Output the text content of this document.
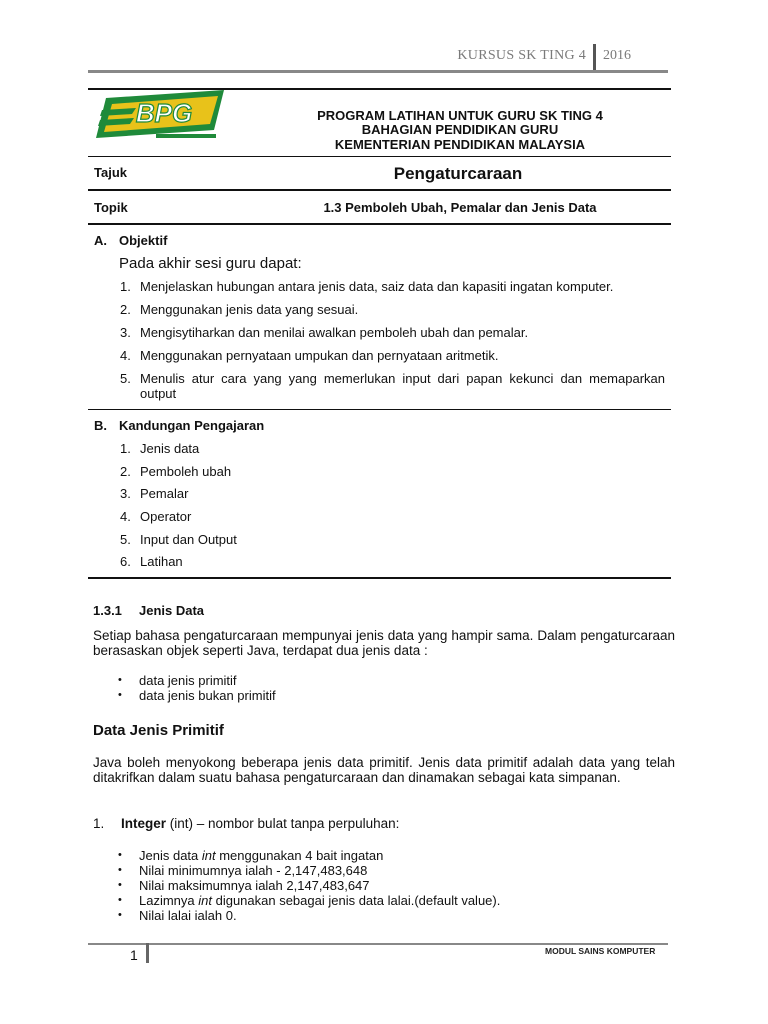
KURSUS SK TING 4 2016
BPG	PROGRAM LATIHAN UNTUK GURU SK TING 4
BAHAGIAN PENDIDIKAN GURU
KEMENTERIAN PENDIDIKAN MALAYSIA
Tajuk	Pengaturcaraan
Topik	1.3 Pemboleh Ubah, Pemalar dan Jenis Data
A. Objektif
Pada akhir sesi guru dapat:
1. Menjelaskan hubungan antara jenis data, saiz data dan kapasiti ingatan komputer.
2. Menggunakan jenis data yang sesuai.
3. Mengisytiharkan dan menilai awalkan pemboleh ubah dan pemalar.
4. Menggunakan pernyataan umpukan dan pernyataan aritmetik.
5. Menulis atur cara yang yang memerlukan input dari papan kekunci dan memaparkan output
B. Kandungan Pengajaran
1. Jenis data
2. Pemboleh ubah
3. Pemalar
4. Operator
5. Input dan Output
6. Latihan
1.3.1 Jenis Data
Setiap bahasa pengaturcaraan mempunyai jenis data yang hampir sama. Dalam pengaturcaraan berasaskan objek seperti Java, terdapat dua jenis data :
• data jenis primitif
• data jenis bukan primitif
Data Jenis Primitif
Java boleh menyokong beberapa jenis data primitif. Jenis data primitif adalah data yang telah ditakrifkan dalam suatu bahasa pengaturcaraan dan dinamakan sebagai kata simpanan.
1. Integer (int) – nombor bulat tanpa perpuluhan:
• Jenis data int menggunakan 4 bait ingatan
• Nilai minimumnya ialah - 2,147,483,648
• Nilai maksimumnya ialah 2,147,483,647
• Lazimnya int digunakan sebagai jenis data lalai.(default value).
• Nilai lalai ialah 0.
1	MODUL SAINS KOMPUTER
